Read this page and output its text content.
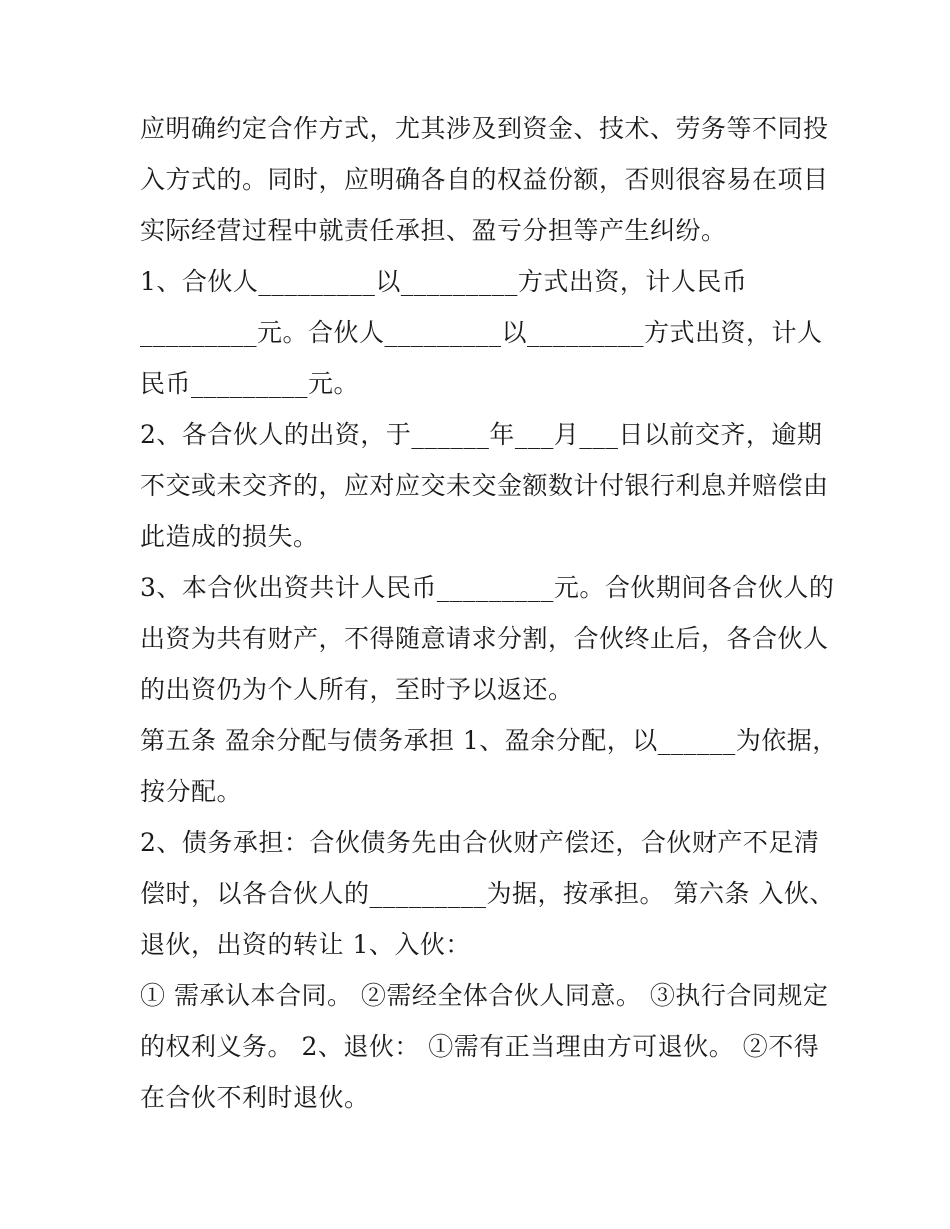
应明确约定合作方式，尤其涉及到资金、技术、劳务等不同投
入方式的。同时，应明确各自的权益份额，否则很容易在项目
实际经营过程中就责任承担、盈亏分担等产生纠纷。
1、合伙人_________以_________方式出资，计人民币
_________元。合伙人_________以_________方式出资，计人
民币_________元。
2、各合伙人的出资，于______年___月___日以前交齐，逾期
不交或未交齐的，应对应交未交金额数计付银行利息并赔偿由
此造成的损失。
3、本合伙出资共计人民币_________元。合伙期间各合伙人的
出资为共有财产，不得随意请求分割，合伙终止后，各合伙人
的出资仍为个人所有，至时予以返还。
第五条 盈余分配与债务承担 1、盈余分配，以______为依据，
按分配。
2、债务承担：合伙债务先由合伙财产偿还，合伙财产不足清
偿时，以各合伙人的_________为据，按承担。 第六条 入伙、
退伙，出资的转让 1、入伙：
① 需承认本合同。 ②需经全体合伙人同意。 ③执行合同规定
的权利义务。 2、退伙： ①需有正当理由方可退伙。 ②不得
在合伙不利时退伙。
